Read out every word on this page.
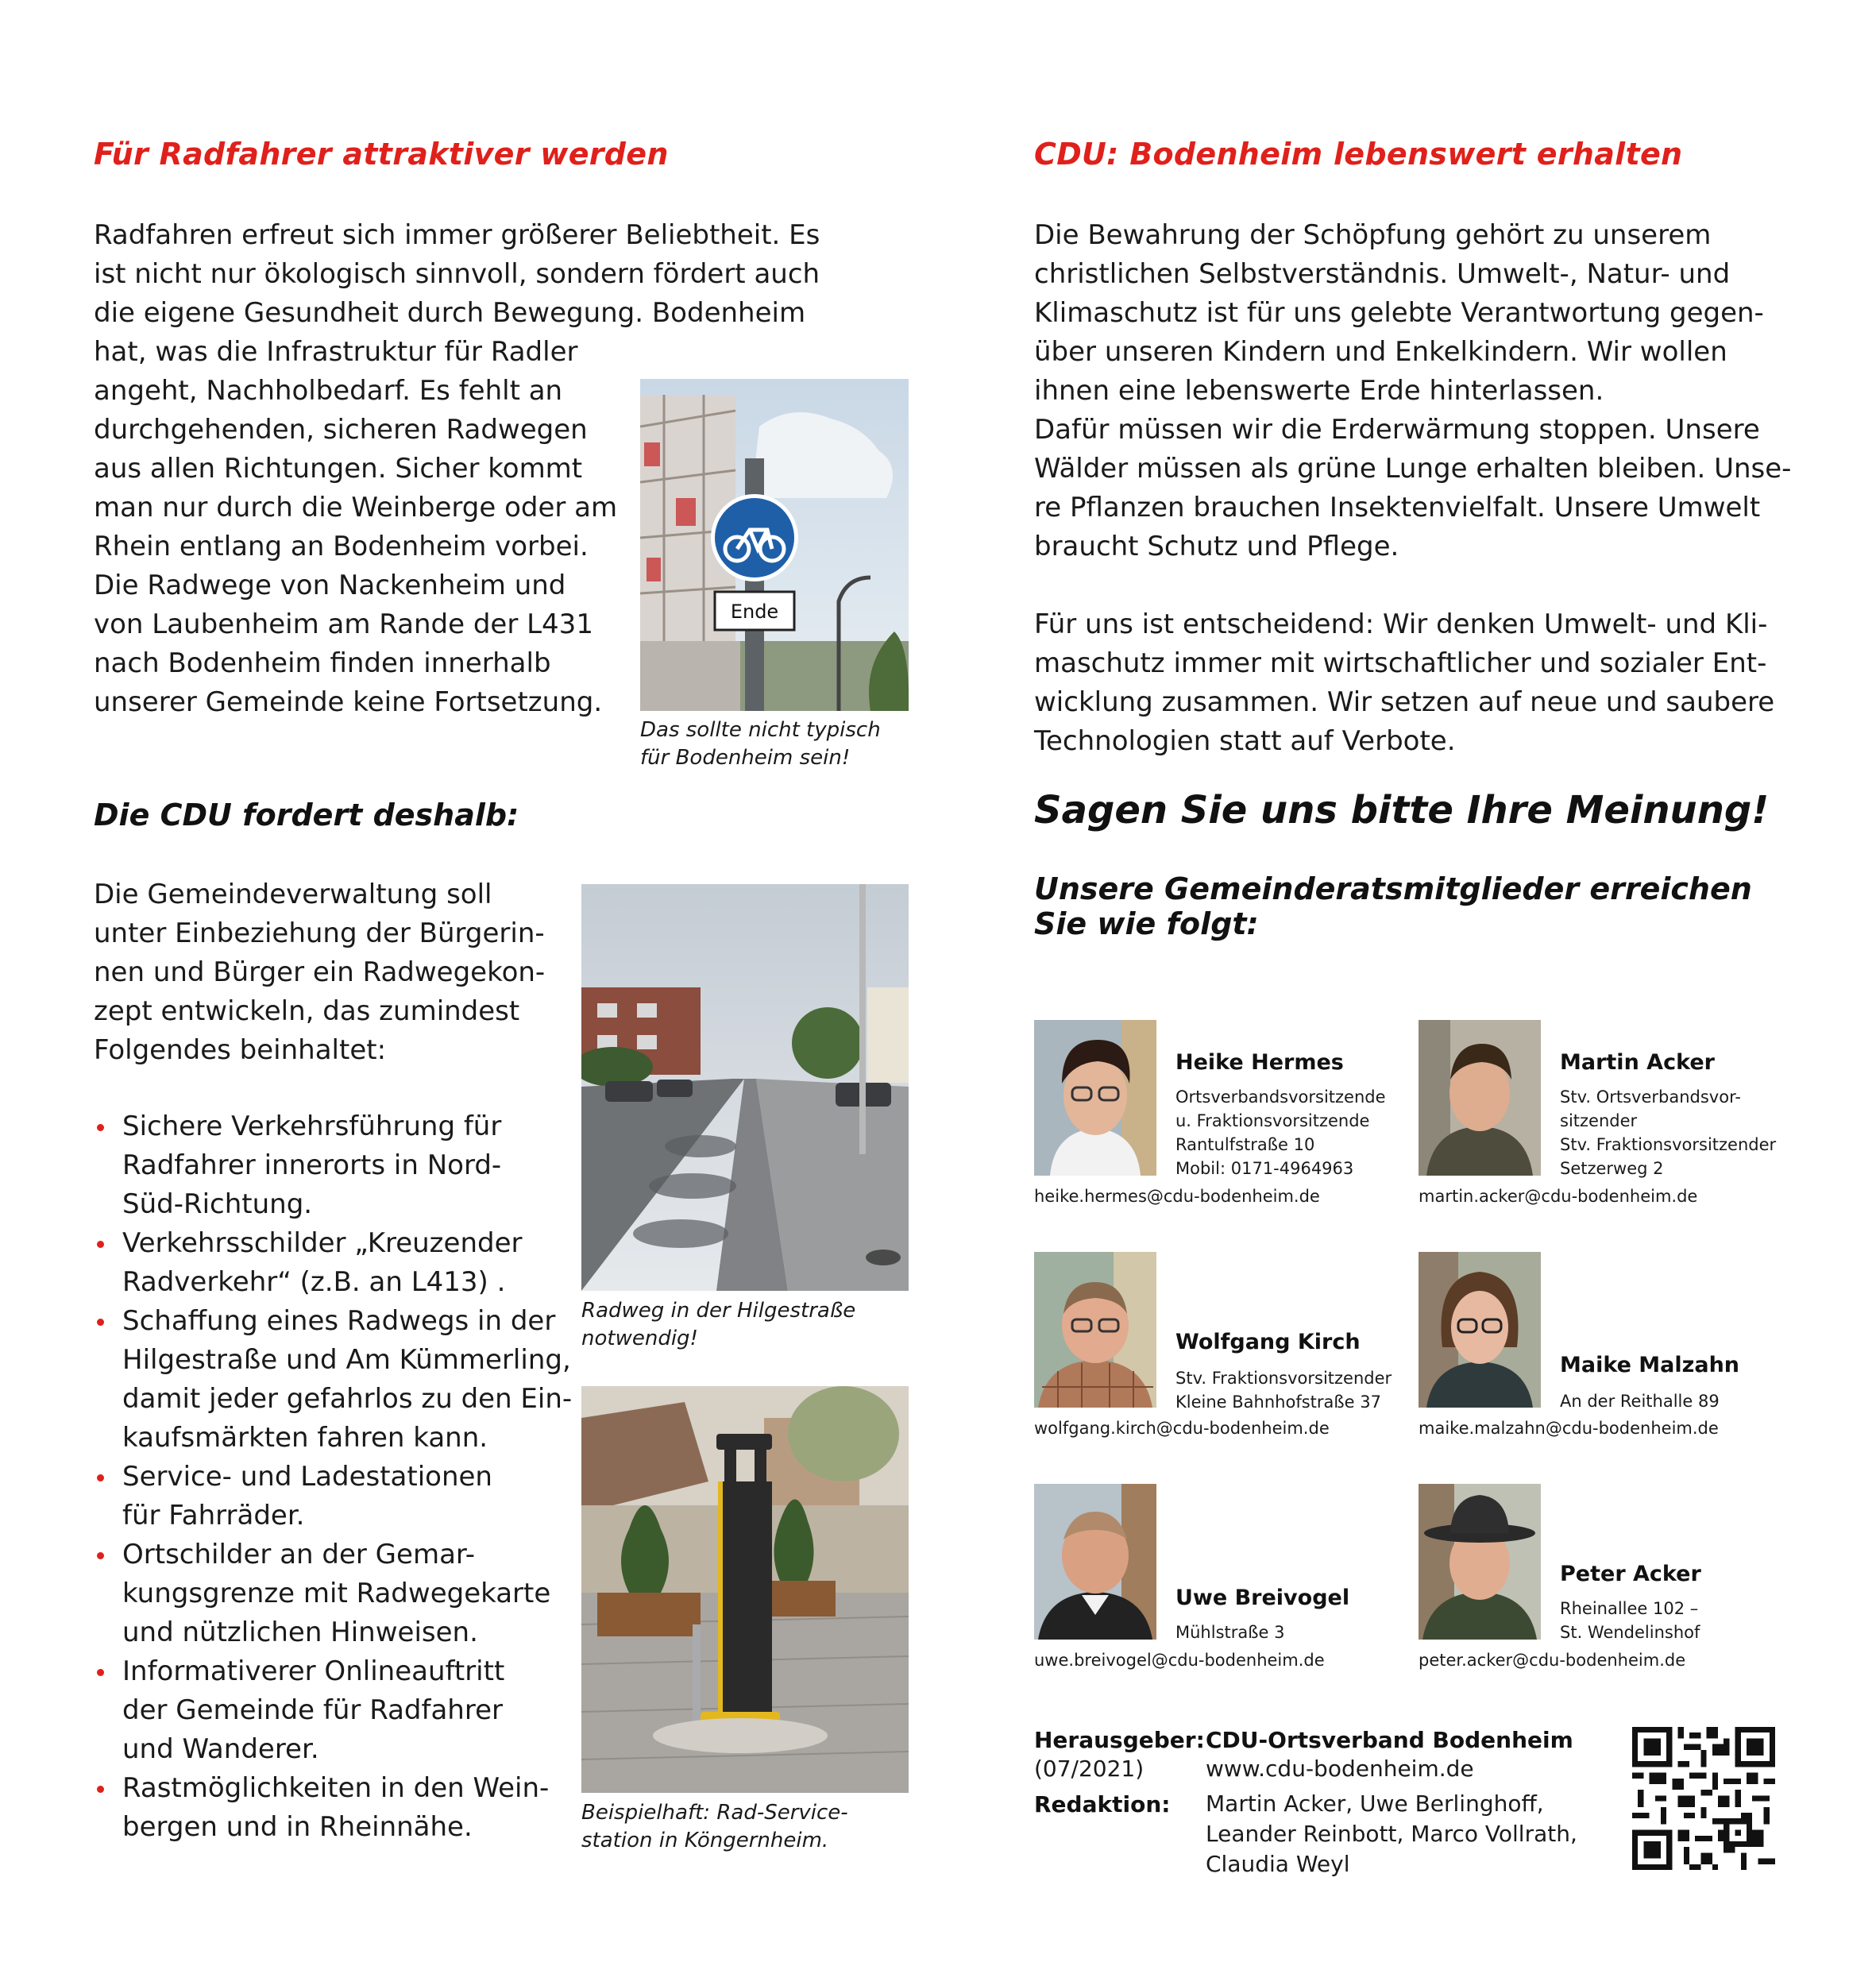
Für Radfahrer attraktiver werden
Radfahren erfreut sich immer größerer Beliebtheit. Es
ist nicht nur ökologisch sinnvoll, sondern fördert auch
die eigene Gesundheit durch Bewegung. Bodenheim
hat, was die Infrastruktur für Radler
angeht, Nachholbedarf. Es fehlt an
durchgehenden, sicheren Radwegen
aus allen Richtungen. Sicher kommt
man nur durch die Weinberge oder am
Rhein entlang an Bodenheim vorbei.
Die Radwege von Nackenheim und
von Laubenheim am Rande der L431
nach Bodenheim finden innerhalb
unserer Gemeinde keine Fortsetzung.
Ende
Das sollte nicht typisch
für Bodenheim sein!
Die CDU fordert deshalb:
Die Gemeindeverwaltung soll
unter Einbeziehung der Bürgerin-
nen und Bürger ein Radwegekon-
zept entwickeln, das zumindest
Folgendes beinhaltet:
Sichere Verkehrsführung für
Radfahrer innerorts in Nord-
Süd-Richtung.
Verkehrsschilder „Kreuzender
Radverkehr“ (z.B. an L413) .
Schaffung eines Radwegs in der
Hilgestraße und Am Kümmerling,
damit jeder gefahrlos zu den Ein-
kaufsmärkten fahren kann.
Service- und Ladestationen
für Fahrräder.
Ortschilder an der Gemar-
kungsgrenze mit Radwegekarte
und nützlichen Hinweisen.
Informativerer Onlineauftritt
der Gemeinde für Radfahrer
und Wanderer.
Rastmöglichkeiten in den Wein-
bergen und in Rheinnähe.
Radweg in der Hilgestraße
notwendig!
Beispielhaft: Rad-Service-
station in Köngernheim.
CDU: Bodenheim lebenswert erhalten
Die Bewahrung der Schöpfung gehört zu unserem
christlichen Selbstverständnis. Umwelt-, Natur- und
Klimaschutz ist für uns gelebte Verantwortung gegen-
über unseren Kindern und Enkelkindern. Wir wollen
ihnen eine lebenswerte Erde hinterlassen.
Dafür müssen wir die Erderwärmung stoppen. Unsere
Wälder müssen als grüne Lunge erhalten bleiben. Unse-
re Pflanzen brauchen Insektenvielfalt. Unsere Umwelt
braucht Schutz und Pflege.
Für uns ist entscheidend: Wir denken Umwelt- und Kli-
maschutz immer mit wirtschaftlicher und sozialer Ent-
wicklung zusammen. Wir setzen auf neue und saubere
Technologien statt auf Verbote.
Sagen Sie uns bitte Ihre Meinung!
Unsere Gemeinderatsmitglieder erreichen
Sie wie folgt:
Heike Hermes
Ortsverbandsvorsitzende
u. Fraktionsvorsitzende
Rantulfstraße 10
Mobil: 0171-4964963
heike.hermes@cdu-bodenheim.de
Martin Acker
Stv. Ortsverbandsvor-
sitzender
Stv. Fraktionsvorsitzender
Setzerweg 2
martin.acker@cdu-bodenheim.de
Wolfgang Kirch
Stv. Fraktionsvorsitzender
Kleine Bahnhofstraße 37
wolfgang.kirch@cdu-bodenheim.de
Maike Malzahn
An der Reithalle 89
maike.malzahn@cdu-bodenheim.de
Uwe Breivogel
Mühlstraße 3
uwe.breivogel@cdu-bodenheim.de
Peter Acker
Rheinallee 102 –
St. Wendelinshof
peter.acker@cdu-bodenheim.de
Herausgeber:
(07/2021)
Redaktion:
CDU-Ortsverband Bodenheim
www.cdu-bodenheim.de
Martin Acker, Uwe Berlinghoff,
Leander Reinbott, Marco Vollrath,
Claudia Weyl
